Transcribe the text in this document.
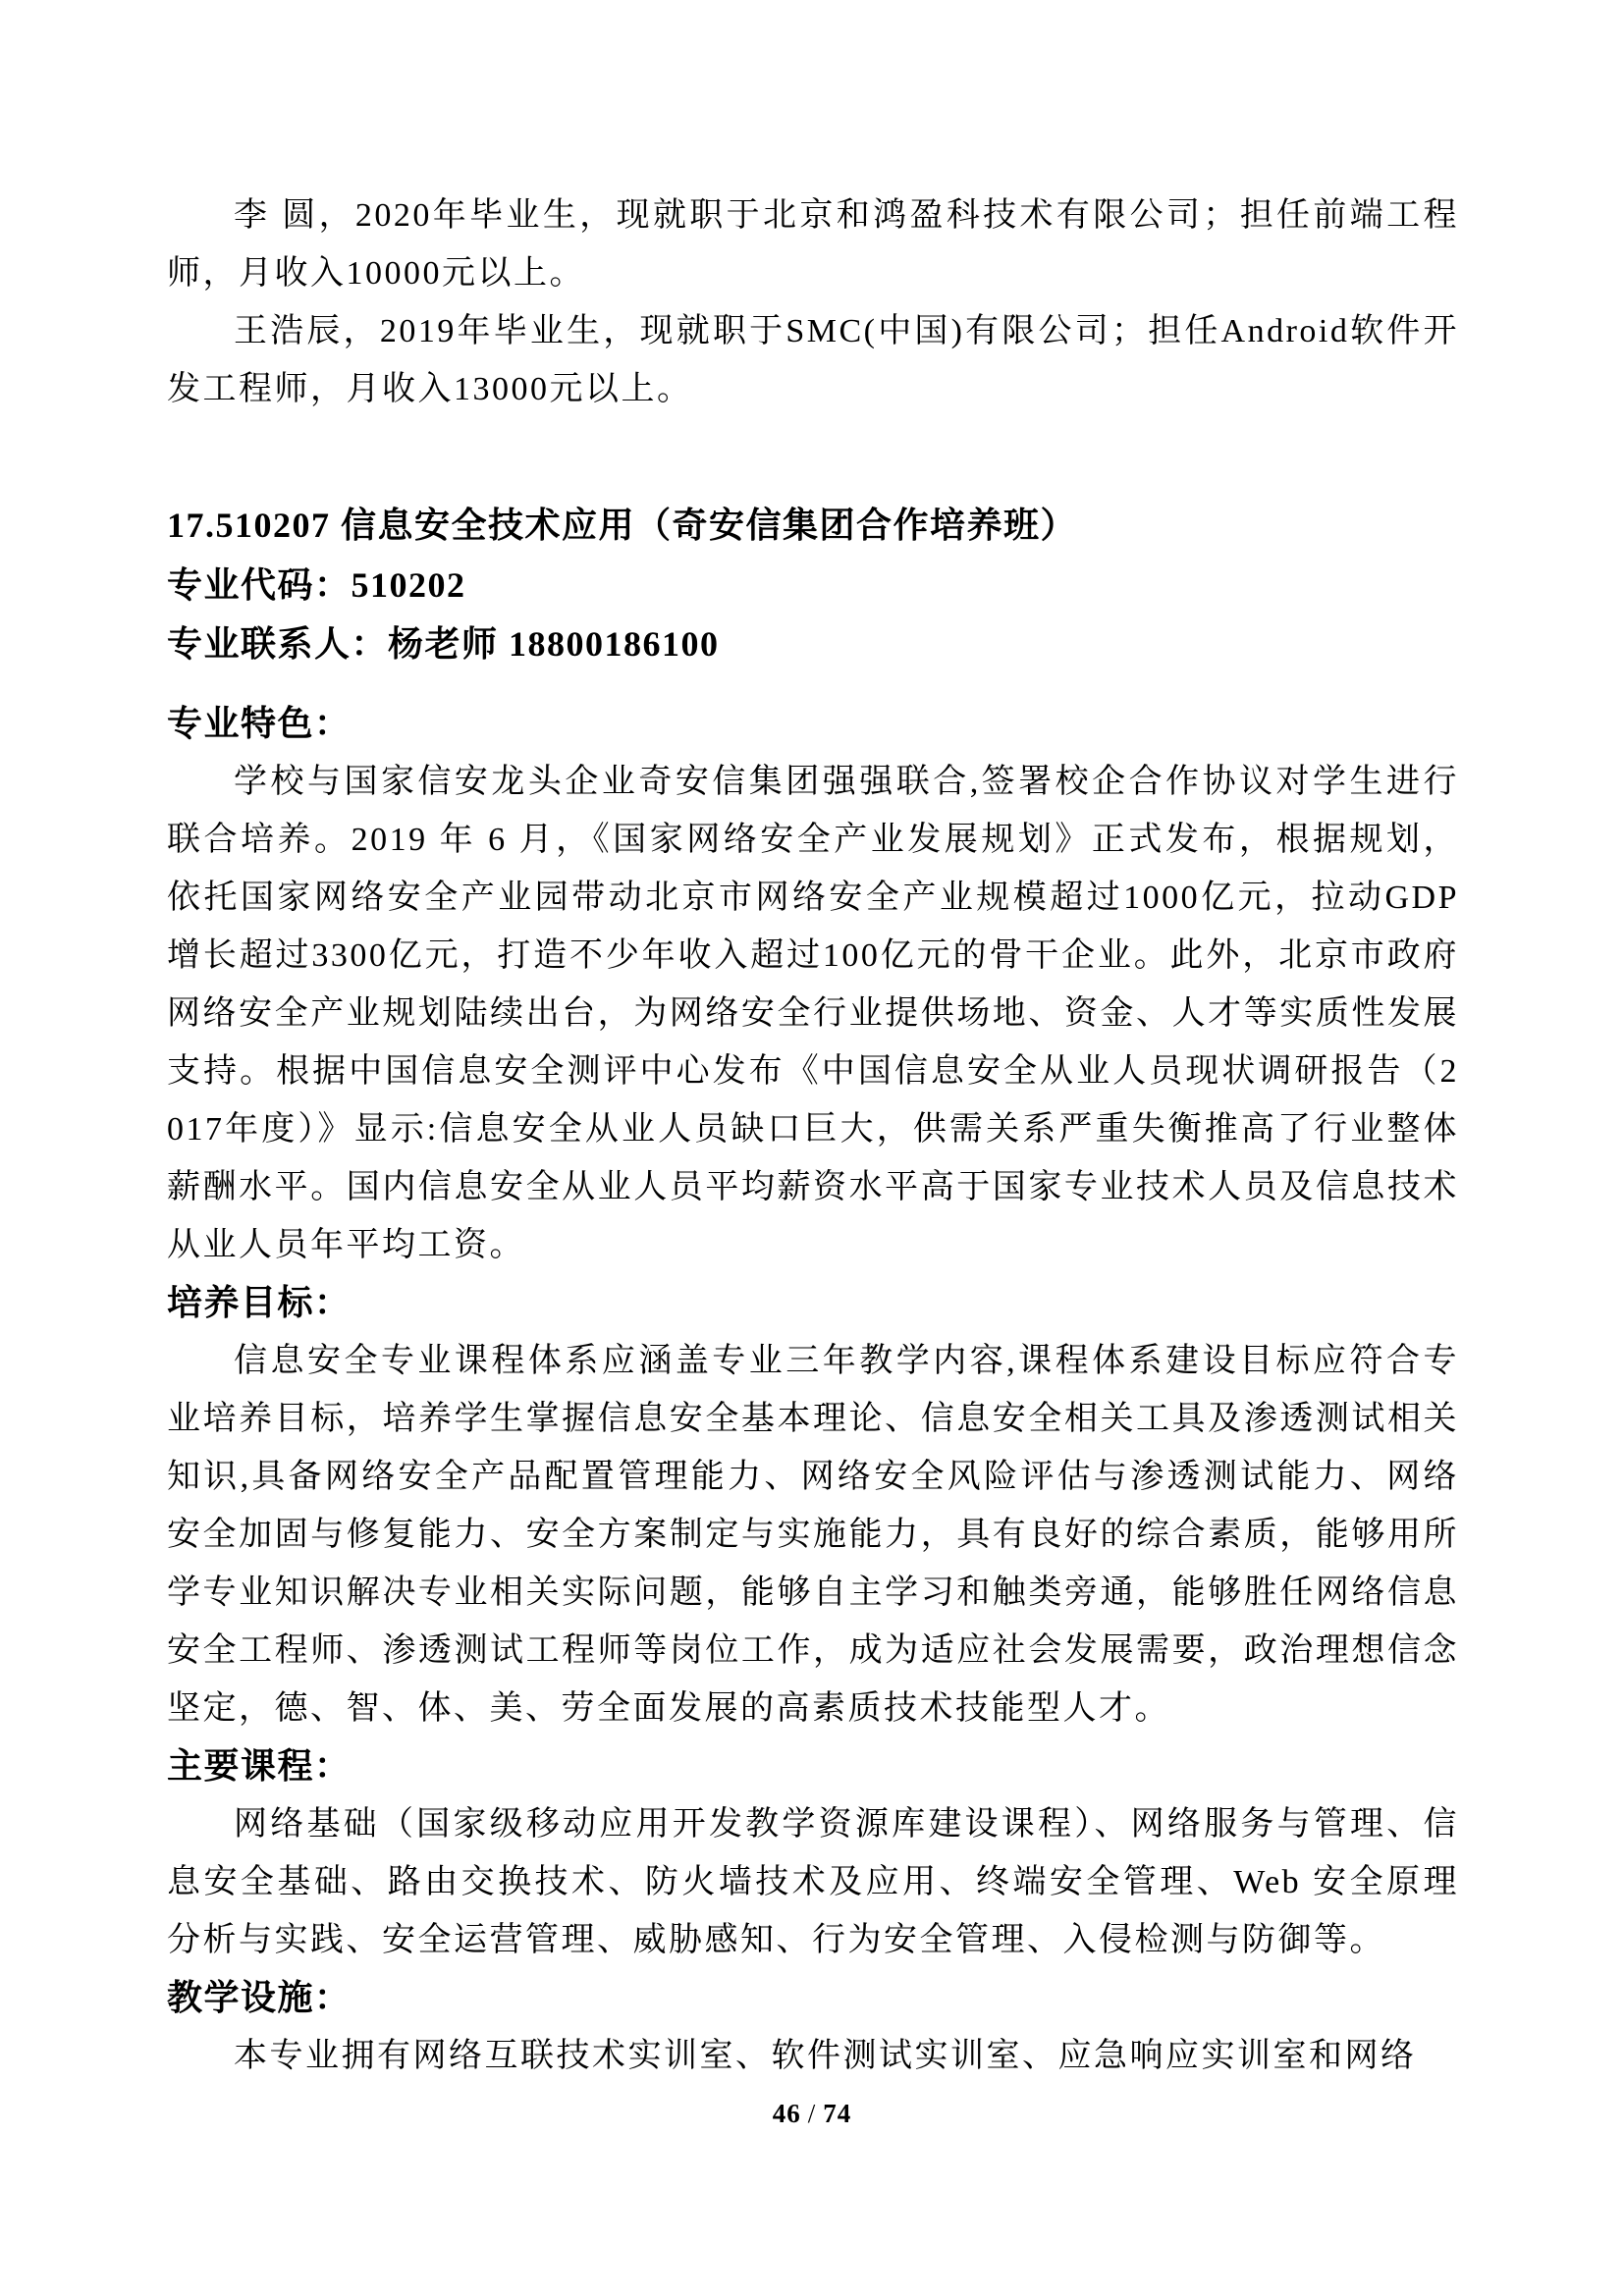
李 圆，2020年毕业生，现就职于北京和鸿盈科技术有限公司；担任前端工程师，月收入10000元以上。

王浩辰，2019年毕业生，现就职于SMC(中国)有限公司；担任Android软件开发工程师，月收入13000元以上。

17.510207 信息安全技术应用（奇安信集团合作培养班）

专业代码：510202

专业联系人：杨老师 18800186100

专业特色：

学校与国家信安龙头企业奇安信集团强强联合,签署校企合作协议对学生进行联合培养。2019 年 6 月，《国家网络安全产业发展规划》正式发布，根据规划，依托国家网络安全产业园带动北京市网络安全产业规模超过1000亿元，拉动GDP增长超过3300亿元，打造不少年收入超过100亿元的骨干企业。此外，北京市政府网络安全产业规划陆续出台，为网络安全行业提供场地、资金、人才等实质性发展支持。根据中国信息安全测评中心发布《中国信息安全从业人员现状调研报告（2017年度）》显示:信息安全从业人员缺口巨大，供需关系严重失衡推高了行业整体薪酬水平。国内信息安全从业人员平均薪资水平高于国家专业技术人员及信息技术从业人员年平均工资。

培养目标：

信息安全专业课程体系应涵盖专业三年教学内容,课程体系建设目标应符合专业培养目标，培养学生掌握信息安全基本理论、信息安全相关工具及渗透测试相关知识,具备网络安全产品配置管理能力、网络安全风险评估与渗透测试能力、网络安全加固与修复能力、安全方案制定与实施能力，具有良好的综合素质，能够用所学专业知识解决专业相关实际问题，能够自主学习和触类旁通，能够胜任网络信息安全工程师、渗透测试工程师等岗位工作，成为适应社会发展需要，政治理想信念坚定，德、智、体、美、劳全面发展的高素质技术技能型人才。

主要课程：

网络基础（国家级移动应用开发教学资源库建设课程）、网络服务与管理、信息安全基础、路由交换技术、防火墙技术及应用、终端安全管理、Web 安全原理分析与实践、安全运营管理、威胁感知、行为安全管理、入侵检测与防御等。

教学设施：

本专业拥有网络互联技术实训室、软件测试实训室、应急响应实训室和网络

46 / 74
